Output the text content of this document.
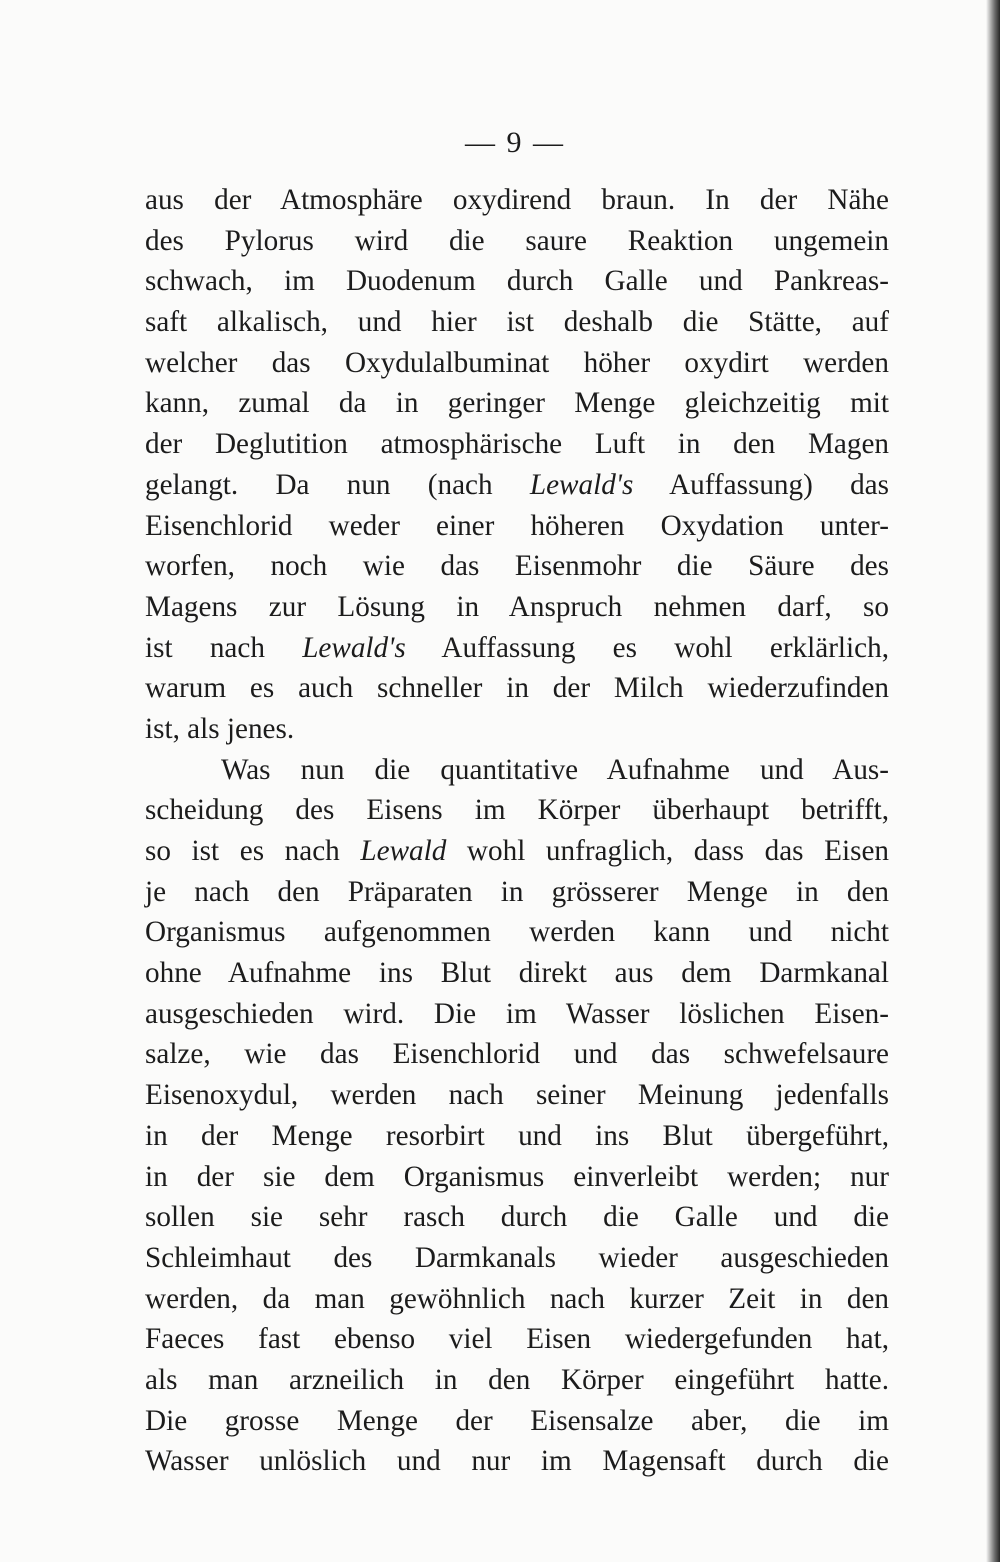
— 9 —
aus der Atmosphäre oxydirend braun. In der Nähe
des Pylorus wird die saure Reaktion ungemein
schwach, im Duodenum durch Galle und Pankreas-
saft alkalisch, und hier ist deshalb die Stätte, auf
welcher das Oxydulalbuminat höher oxydirt werden
kann, zumal da in geringer Menge gleichzeitig mit
der Deglutition atmosphärische Luft in den Magen
gelangt. Da nun (nach Lewald's Auffassung) das
Eisenchlorid weder einer höheren Oxydation unter-
worfen, noch wie das Eisenmohr die Säure des
Magens zur Lösung in Anspruch nehmen darf, so
ist nach Lewald's Auffassung es wohl erklärlich,
warum es auch schneller in der Milch wiederzufinden
ist, als jenes.
Was nun die quantitative Aufnahme und Aus-
scheidung des Eisens im Körper überhaupt betrifft,
so ist es nach Lewald wohl unfraglich, dass das Eisen
je nach den Präparaten in grösserer Menge in den
Organismus aufgenommen werden kann und nicht
ohne Aufnahme ins Blut direkt aus dem Darmkanal
ausgeschieden wird. Die im Wasser löslichen Eisen-
salze, wie das Eisenchlorid und das schwefelsaure
Eisenoxydul, werden nach seiner Meinung jedenfalls
in der Menge resorbirt und ins Blut übergeführt,
in der sie dem Organismus einverleibt werden; nur
sollen sie sehr rasch durch die Galle und die
Schleimhaut des Darmkanals wieder ausgeschieden
werden, da man gewöhnlich nach kurzer Zeit in den
Faeces fast ebenso viel Eisen wiedergefunden hat,
als man arzneilich in den Körper eingeführt hatte.
Die grosse Menge der Eisensalze aber, die im
Wasser unlöslich und nur im Magensaft durch die
